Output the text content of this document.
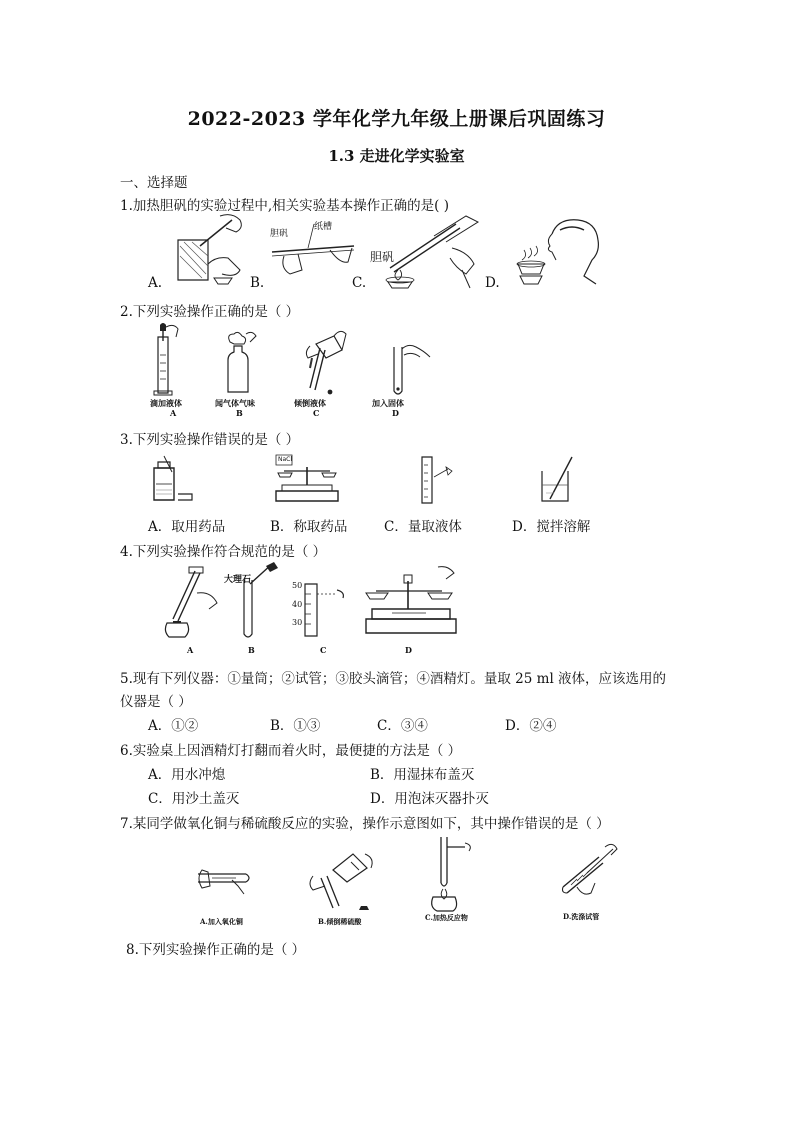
2022-2023 学年化学九年级上册课后巩固练习
1.3 走进化学实验室
一、选择题
1.加热胆矾的实验过程中,相关实验基本操作正确的是( )
A.
胆矾
纸槽
B.
胆矾
C.	D.
2.下列实验操作正确的是（ ）
滴加液体	闻气体气味	倾倒液体	加入固体
A	B	C	D
3.下列实验操作错误的是（ ）
NaCl
A．取用药品	B．称取药品	C．量取液体	D．搅拌溶解
4.下列实验操作符合规范的是（ ）
大理石
50
40
30
A	B	C	D
5.现有下列仪器：①量筒；②试管；③胶头滴管；④酒精灯。量取 25 ml 液体，应该选用的
仪器是（ ）
A．①②	B．①③	C．③④	D．②④
6.实验桌上因酒精灯打翻而着火时，最便捷的方法是（ ）
A．用水冲熄	B．用湿抹布盖灭
C．用沙土盖灭	D．用泡沫灭器扑灭
7.某同学做氧化铜与稀硫酸反应的实验，操作示意图如下，其中操作错误的是（ ）
A.加入氧化铜	B.倾倒稀硫酸	C.加热反应物	D.洗涤试管
8.下列实验操作正确的是（ ）
